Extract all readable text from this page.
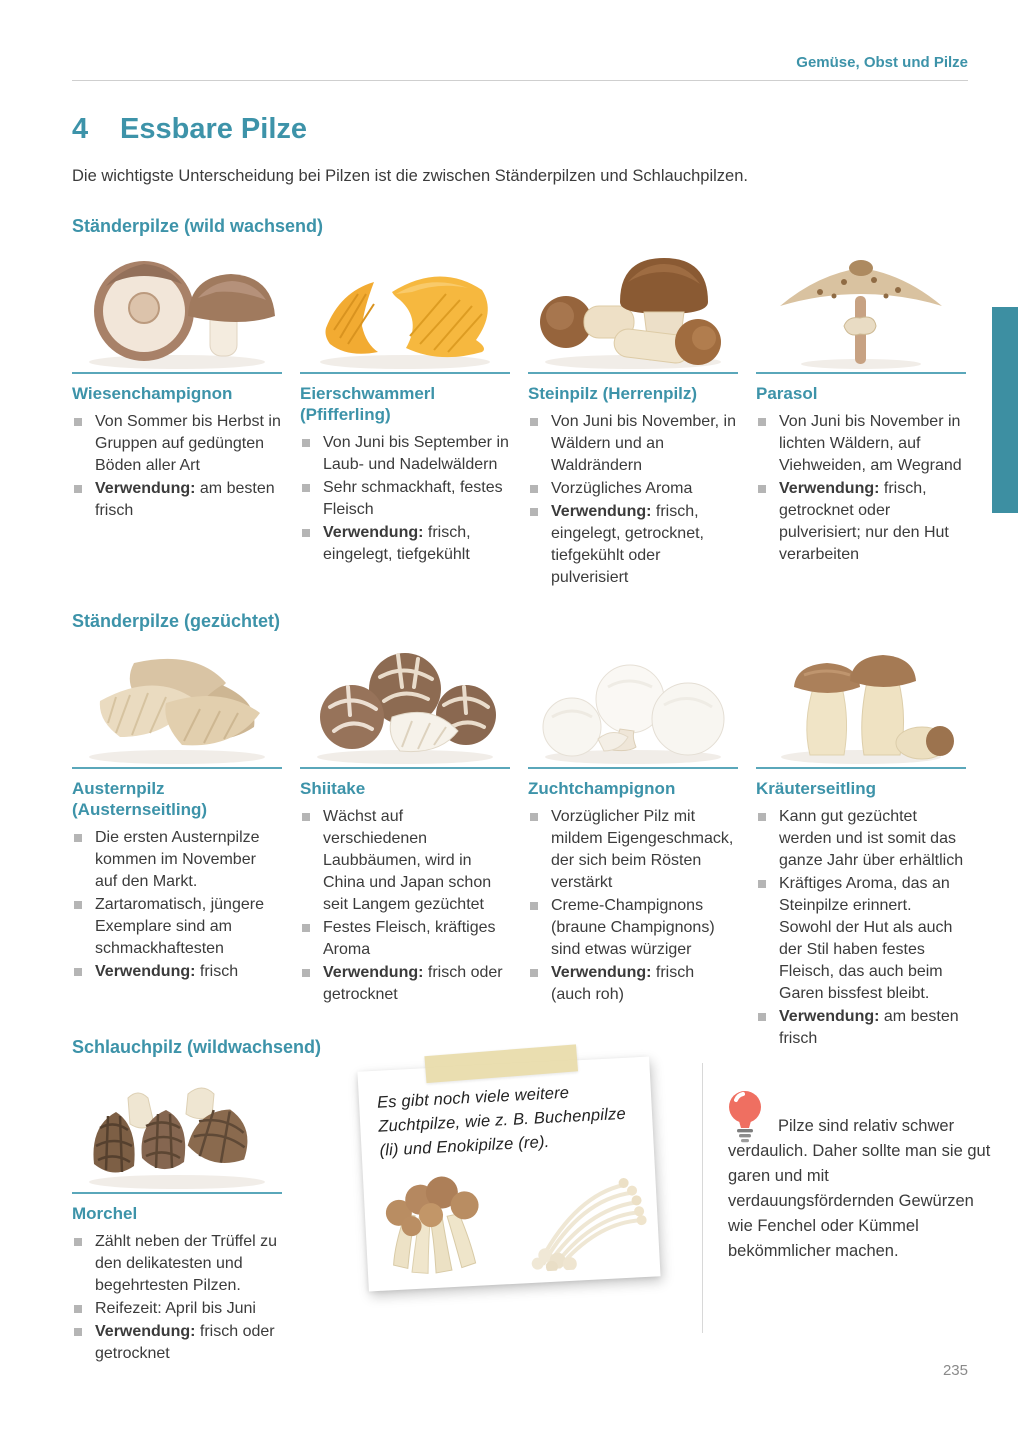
Gemüse, Obst und Pilze
4 Essbare Pilze

Die wichtigste Unterscheidung bei Pilzen ist die zwischen Ständerpilzen und Schlauchpilzen.

Ständerpilze (wild wachsend)
Wiesenchampignon
Von Sommer bis Herbst in Gruppen auf gedüngten Böden aller Art
Verwendung: am besten frisch
Eierschwammerl
(Pfifferling)
Von Juni bis September in Laub- und Nadelwäldern
Sehr schmackhaft, festes Fleisch
Verwendung: frisch, eingelegt, tiefgekühlt
Steinpilz (Herrenpilz)
Von Juni bis November, in Wäldern und an Waldrändern
Vorzügliches Aroma
Verwendung: frisch, eingelegt, getrocknet, tiefgekühlt oder pulverisiert
Parasol
Von Juni bis November in lichten Wäldern, auf Viehweiden, am Wegrand
Verwendung: frisch, getrocknet oder pulverisiert; nur den Hut verarbeiten
Ständerpilze (gezüchtet)
Austernpilz
(Austernseitling)
Die ersten Austernpilze kommen im November auf den Markt.
Zartaromatisch, jüngere Exemplare sind am schmackhaftesten
Verwendung: frisch
Shiitake
Wächst auf verschiedenen Laubbäumen, wird in China und Japan schon seit Langem gezüchtet
Festes Fleisch, kräftiges Aroma
Verwendung: frisch oder getrocknet
Zuchtchampignon
Vorzüglicher Pilz mit mildem Eigengeschmack, der sich beim Rösten verstärkt
Creme-Champignons (braune Champignons) sind etwas würziger
Verwendung: frisch (auch roh)
Kräuterseitling
Kann gut gezüchtet werden und ist somit das ganze Jahr über erhältlich
Kräftiges Aroma, das an Steinpilze erinnert. Sowohl der Hut als auch der Stil haben festes Fleisch, das auch beim Garen bissfest bleibt.
Verwendung: am besten frisch
Schlauchpilz (wildwachsend)
Morchel
Zählt neben der Trüffel zu den delikatesten und begehrtesten Pilzen.
Reifezeit: April bis Juni
Verwendung: frisch oder getrocknet

Es gibt noch viele weitere Zuchtpilze, wie z. B. Buchenpilze (li) und Enokipilze (re).

Pilze sind relativ schwer verdaulich. Daher sollte man sie gut garen und mit verdauungsfördernden Gewürzen wie Fenchel oder Kümmel bekömmlicher machen.

235
